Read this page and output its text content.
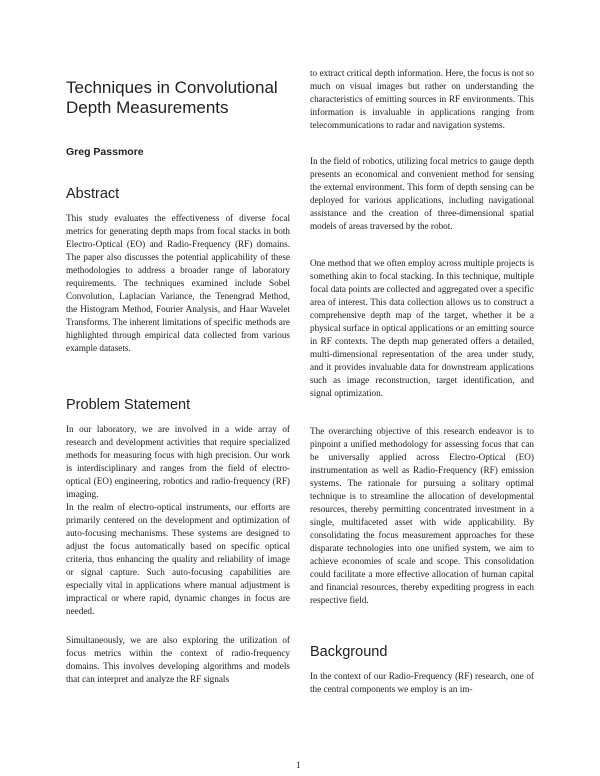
Techniques in Convolutional Depth Measurements
Greg Passmore
Abstract

This study evaluates the effectiveness of diverse focal metrics for generating depth maps from focal stacks in both Electro-Optical (EO) and Radio-Frequency (RF) domains. The paper also discusses the potential applicability of these methodologies to address a broader range of laboratory requirements. The techniques examined include Sobel Convolution, Laplacian Variance, the Tenengrad Method, the Histogram Method, Fourier Analysis, and Haar Wavelet Transforms. The inherent limitations of specific methods are highlighted through empirical data collected from various example datasets.

Problem Statement

In our laboratory, we are involved in a wide array of research and development activities that require specialized methods for measuring focus with high precision. Our work is interdisciplinary and ranges from the field of electro-optical (EO) engineering, robotics and radio-frequency (RF) imaging.

In the realm of electro-optical instruments, our efforts are primarily centered on the development and optimization of auto-focusing mechanisms. These systems are designed to adjust the focus automatically based on specific optical criteria, thus enhancing the quality and reliability of image or signal capture. Such auto-focusing capabilities are especially vital in applications where manual adjustment is impractical or where rapid, dynamic changes in focus are needed.

Simultaneously, we are also exploring the utilization of focus metrics within the context of radio-frequency domains. This involves developing algorithms and models that can interpret and analyze the RF signals

to extract critical depth information. Here, the focus is not so much on visual images but rather on understanding the characteristics of emitting sources in RF environments. This information is invaluable in applications ranging from telecommunications to radar and navigation systems.

In the field of robotics, utilizing focal metrics to gauge depth presents an economical and convenient method for sensing the external environment. This form of depth sensing can be deployed for various applications, including navigational assistance and the creation of three-dimensional spatial models of areas traversed by the robot.

One method that we often employ across multiple projects is something akin to focal stacking. In this technique, multiple focal data points are collected and aggregated over a specific area of interest. This data collection allows us to construct a comprehensive depth map of the target, whether it be a physical surface in optical applications or an emitting source in RF contexts. The depth map generated offers a detailed, multi-dimensional representation of the area under study, and it provides invaluable data for downstream applications such as image reconstruction, target identification, and signal optimization.

The overarching objective of this research endeavor is to pinpoint a unified methodology for assessing focus that can be universally applied across Electro-Optical (EO) instrumentation as well as Radio-Frequency (RF) emission systems. The rationale for pursuing a solitary optimal technique is to streamline the allocation of developmental resources, thereby permitting concentrated investment in a single, multifaceted asset with wide applicability. By consolidating the focus measurement approaches for these disparate technologies into one unified system, we aim to achieve economies of scale and scope. This consolidation could facilitate a more effective allocation of human capital and financial resources, thereby expediting progress in each respective field.

Background

In the context of our Radio-Frequency (RF) research, one of the central components we employ is an im-

1
